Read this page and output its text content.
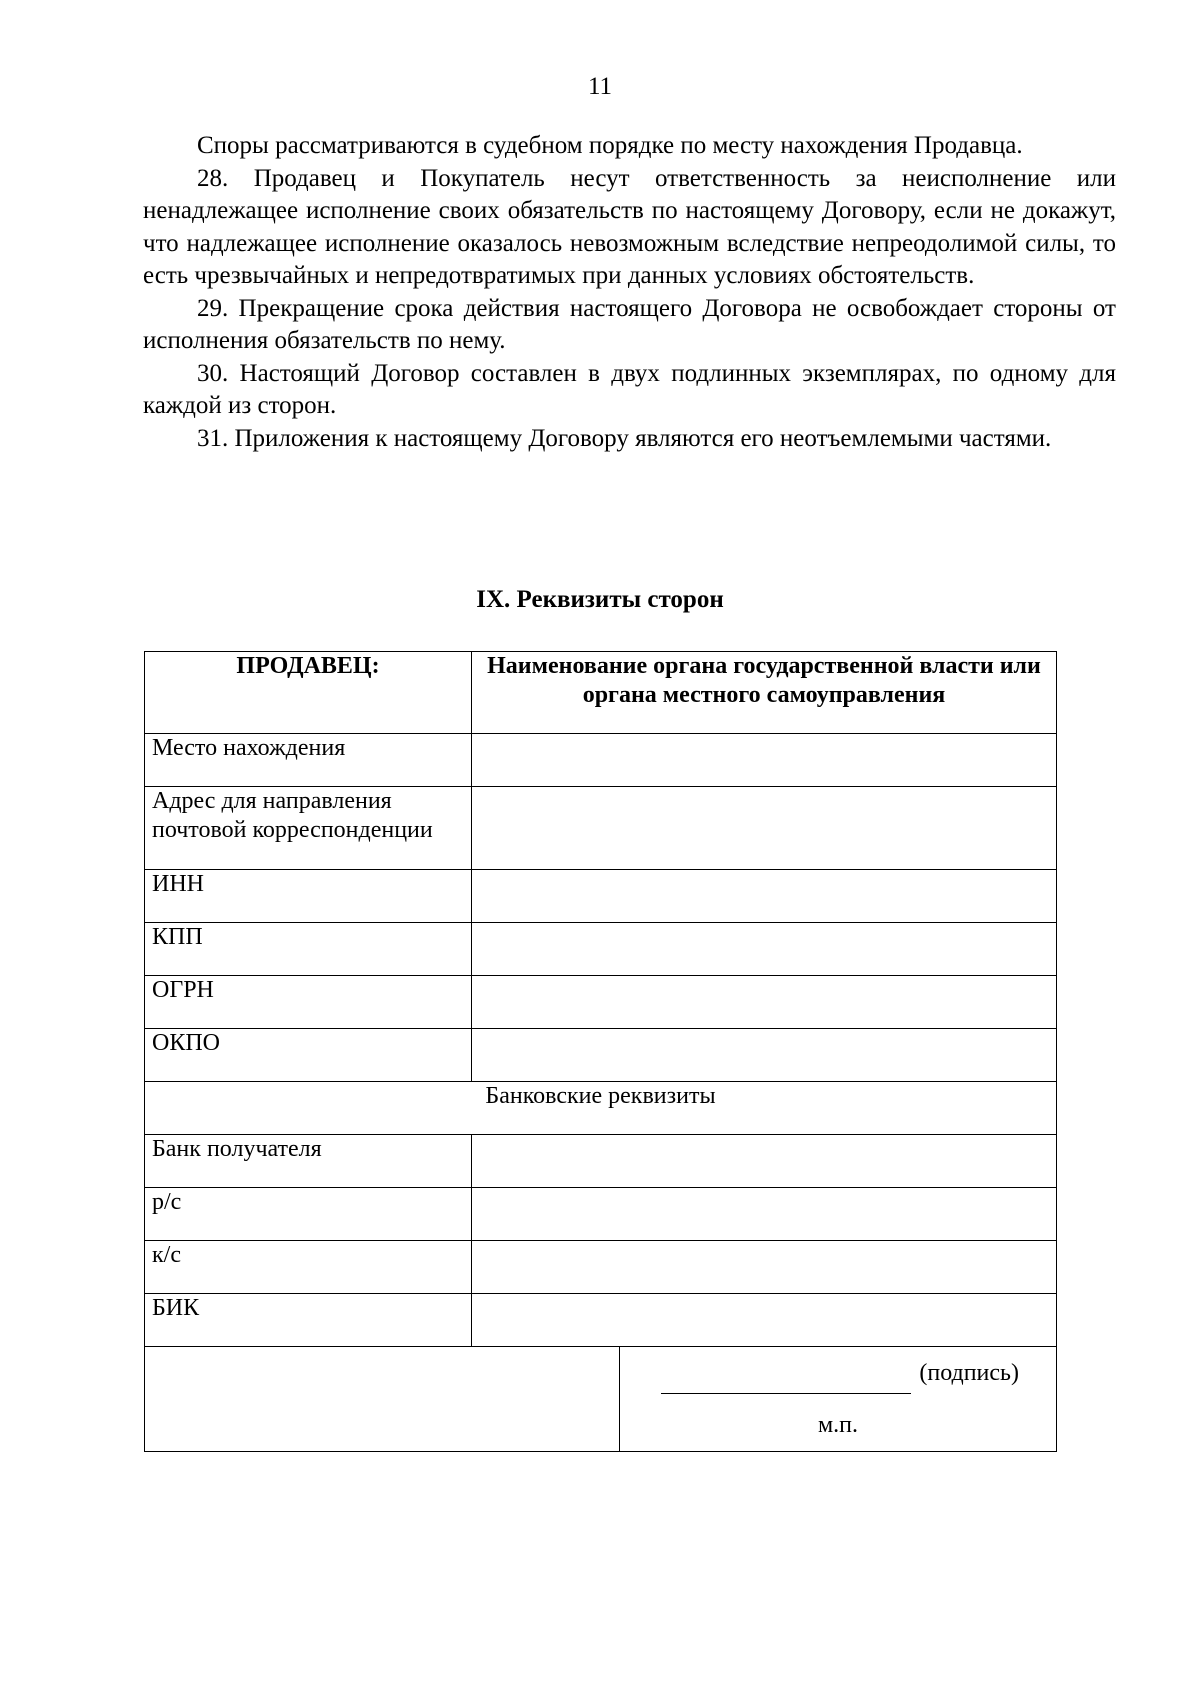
11

Споры рассматриваются в судебном порядке по месту нахождения Продавца.

28. Продавец и Покупатель несут ответственность за неисполнение или ненадлежащее исполнение своих обязательств по настоящему Договору, если не докажут, что надлежащее исполнение оказалось невозможным вследствие непреодолимой силы, то есть чрезвычайных и непредотвратимых при данных условиях обстоятельств.

29. Прекращение срока действия настоящего Договора не освобождает стороны от исполнения обязательств по нему.

30. Настоящий Договор составлен в двух подлинных экземплярах, по одному для каждой из сторон.

31. Приложения к настоящему Договору являются его неотъемлемыми частями.

IX. Реквизиты сторон
ПРОДАВЕЦ:	Наименование органа государственной власти или органа местного самоуправления	
Место нахождения		
Адрес для направления почтовой корреспонденции		
ИНН		
КПП		
ОГРН		
ОКПО		
Банковские реквизиты		
Банк получателя		
р/с		
к/с		
БИК		

		(подпись)
м.п.
